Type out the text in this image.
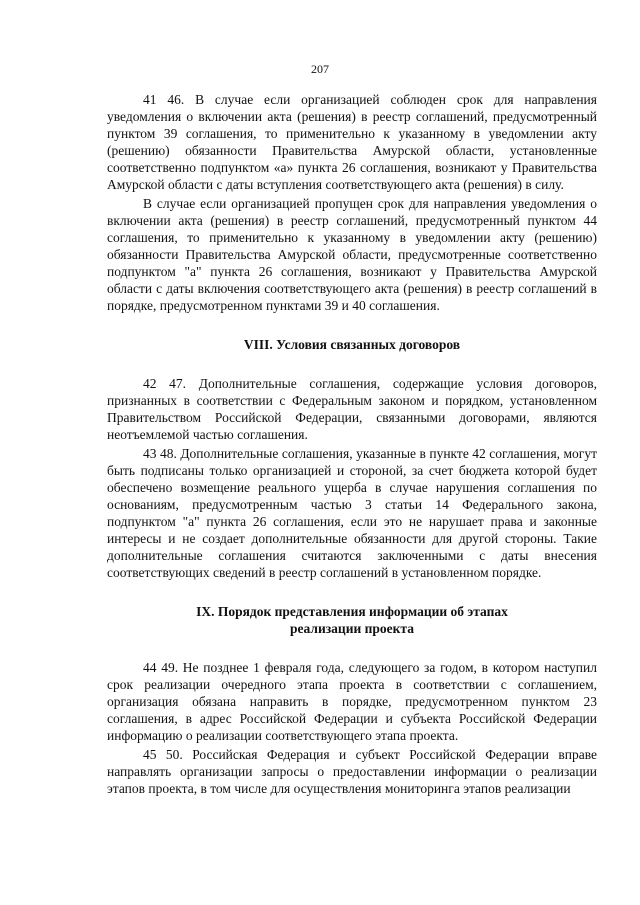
207

41 46. В случае если организацией соблюден срок для направления уведомления о включении акта (решения) в реестр соглашений, предусмотренный пунктом 39 соглашения, то применительно к указанному в уведомлении акту (решению) обязанности Правительства Амурской области, установленные соответственно подпунктом «а» пункта 26 соглашения, возникают у Правительства Амурской области с даты вступления соответствующего акта (решения) в силу.

В случае если организацией пропущен срок для направления уведомления о включении акта (решения) в реестр соглашений, предусмотренный пунктом 44 соглашения, то применительно к указанному в уведомлении акту (решению) обязанности Правительства Амурской области, предусмотренные соответственно подпунктом "а" пункта 26 соглашения, возникают у Правительства Амурской области с даты включения соответствующего акта (решения) в реестр соглашений в порядке, предусмотренном пунктами 39 и 40 соглашения.

VIII. Условия связанных договоров

42 47. Дополнительные соглашения, содержащие условия договоров, признанных в соответствии с Федеральным законом и порядком, установленном Правительством Российской Федерации, связанными договорами, являются неотъемлемой частью соглашения.

43 48. Дополнительные соглашения, указанные в пункте 42 соглашения, могут быть подписаны только организацией и стороной, за счет бюджета которой будет обеспечено возмещение реального ущерба в случае нарушения соглашения по основаниям, предусмотренным частью 3 статьи 14 Федерального закона, подпунктом "а" пункта 26 соглашения, если это не нарушает права и законные интересы и не создает дополнительные обязанности для другой стороны. Такие дополнительные соглашения считаются заключенными с даты внесения соответствующих сведений в реестр соглашений в установленном порядке.

IX. Порядок представления информации об этапах
реализации проекта

44 49. Не позднее 1 февраля года, следующего за годом, в котором наступил срок реализации очередного этапа проекта в соответствии с соглашением, организация обязана направить в порядке, предусмотренном пунктом 23 соглашения, в адрес Российской Федерации и субъекта Российской Федерации информацию о реализации соответствующего этапа проекта.

45 50. Российская Федерация и субъект Российской Федерации вправе направлять организации запросы о предоставлении информации о реализации этапов проекта, в том числе для осуществления мониторинга этапов реализации
